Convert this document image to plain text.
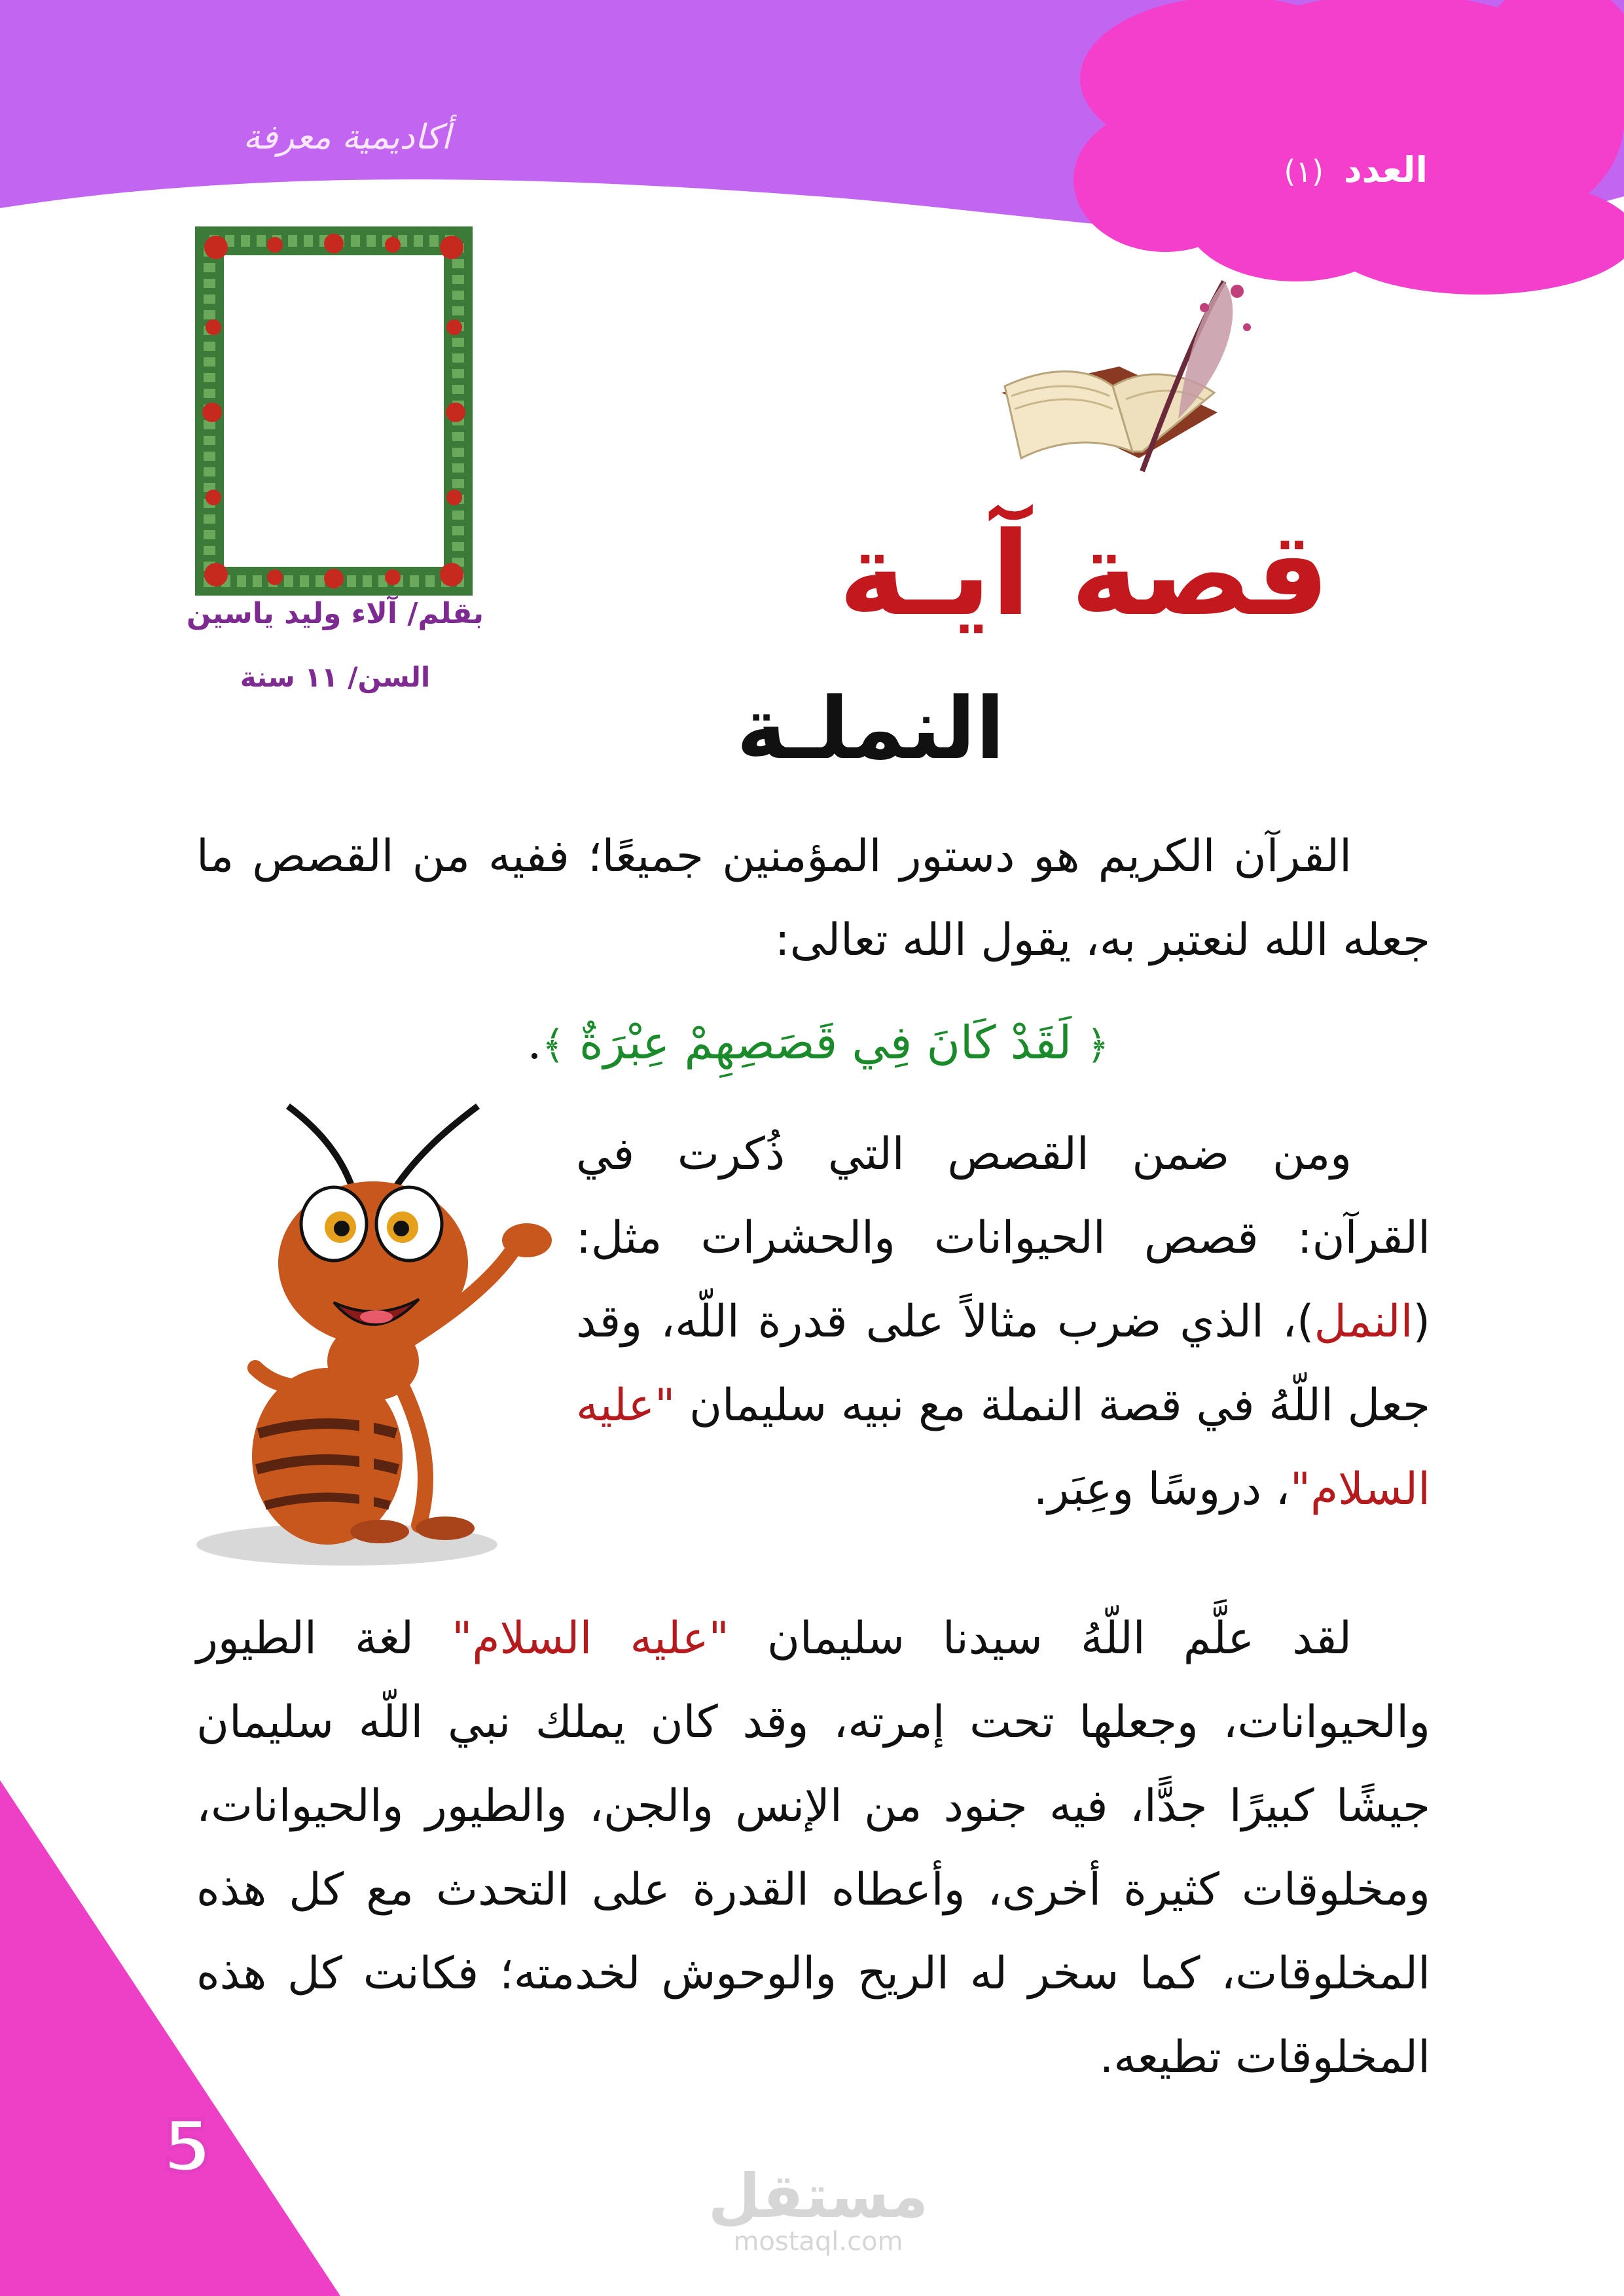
أكاديمية معرفة
العدد (١)
بقلم/ آلاء وليد ياسين
السن/ ١١ سنة
قصة آيـة
النملـة
القرآن الكريم هو دستور المؤمنين جميعًا؛ ففيه من القصص ما جعله الله لنعتبر به، يقول الله تعالى:
﴿ لَقَدْ كَانَ فِي قَصَصِهِمْ عِبْرَةٌ ﴾.
ومن ضمن القصص التي ذُكرت في القرآن: قصص الحيوانات والحشرات مثل: (النمل)، الذي ضرب مثالاً على قدرة اللّه، وقد جعل اللّهُ في قصة النملة مع نبيه سليمان "عليه السلام"، دروسًا وعِبَر.
لقد علَّم اللّهُ سيدنا سليمان "عليه السلام" لغة الطيور والحيوانات، وجعلها تحت إمرته، وقد كان يملك نبي اللّه سليمان جيشًا كبيرًا جدًّا، فيه جنود من الإنس والجن، والطيور والحيوانات، ومخلوقات كثيرة أخرى، وأعطاه القدرة على التحدث مع كل هذه المخلوقات، كما سخر له الريح والوحوش لخدمته؛ فكانت كل هذه المخلوقات تطيعه.
5
مستقل
mostaql.com
